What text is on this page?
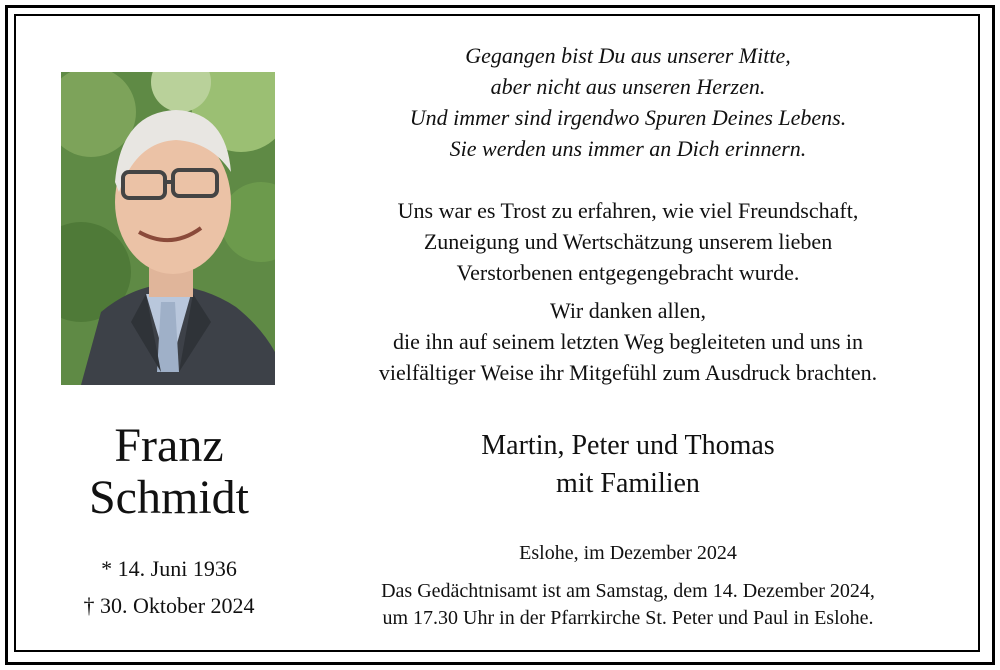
Franz
Schmidt
* 14. Juni 1936
† 30. Oktober 2024
Gegangen bist Du aus unserer Mitte,
aber nicht aus unseren Herzen.
Und immer sind irgendwo Spuren Deines Lebens.
Sie werden uns immer an Dich erinnern.
Uns war es Trost zu erfahren, wie viel Freundschaft,
Zuneigung und Wertschätzung unserem lieben
Verstorbenen entgegengebracht wurde.
Wir danken allen,
die ihn auf seinem letzten Weg begleiteten und uns in
vielfältiger Weise ihr Mitgefühl zum Ausdruck brachten.
Martin, Peter und Thomas
mit Familien
Eslohe, im Dezember 2024
Das Gedächtnisamt ist am Samstag, dem 14. Dezember 2024,
um 17.30 Uhr in der Pfarrkirche St. Peter und Paul in Eslohe.
